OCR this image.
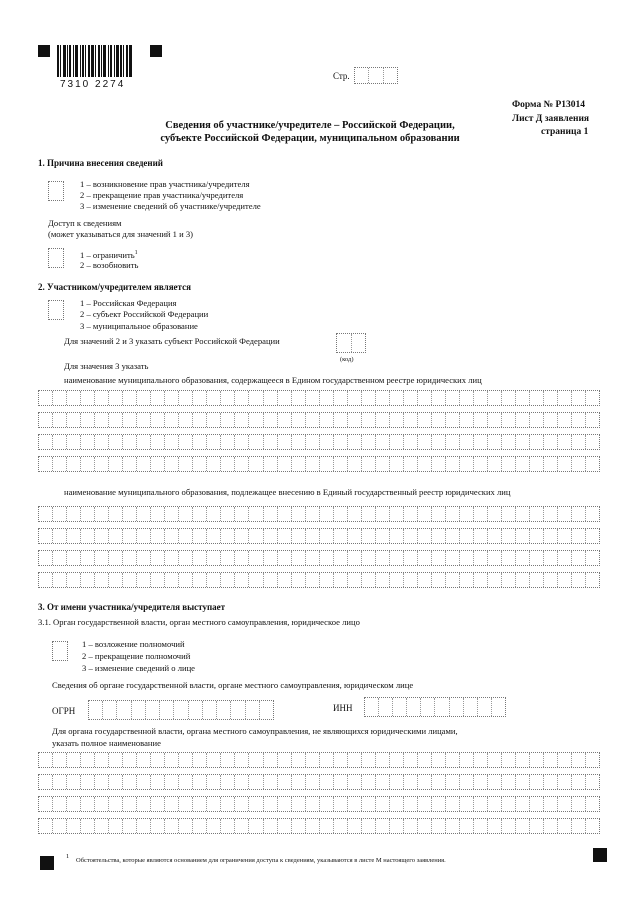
7310 2274
Стр.
Форма № Р13014
Лист Д заявления
страница 1
Сведения об участнике/учредителе – Российской Федерации,
субъекте Российской Федерации, муниципальном образовании
1. Причина внесения сведений
1 – возникновение прав участника/учредителя
2 – прекращение прав участника/учредителя
3 – изменение сведений об участнике/учредителе
Доступ к сведениям
(может указываться для значений 1 и 3)
1 – ограничить$^1$
2 – возобновить
2. Участником/учредителем является
1 – Российская Федерация
2 – субъект Российской Федерации
3 – муниципальное образование
Для значений 2 и 3 указать субъект Российской Федерации
(код)
Для значения 3 указать
наименование муниципального образования, содержащееся в Едином государственном реестре юридических лиц
наименование муниципального образования, подлежащее внесению в Единый государственный реестр юридических лиц
3. От имени участника/учредителя выступает
3.1. Орган государственной власти, орган местного самоуправления, юридическое лицо
1 – возложение полномочий
2 – прекращение полномочий
3 – изменение сведений о лице
Сведения об органе государственной власти, органе местного самоуправления, юридическом лице
ОГРН	ИНН
Для органа государственной власти, органа местного самоуправления, не являющихся юридическими лицами,
указать полное наименование
1
Обстоятельства, которые являются основанием для ограничения доступа к сведениям, указываются в листе М настоящего заявления.
